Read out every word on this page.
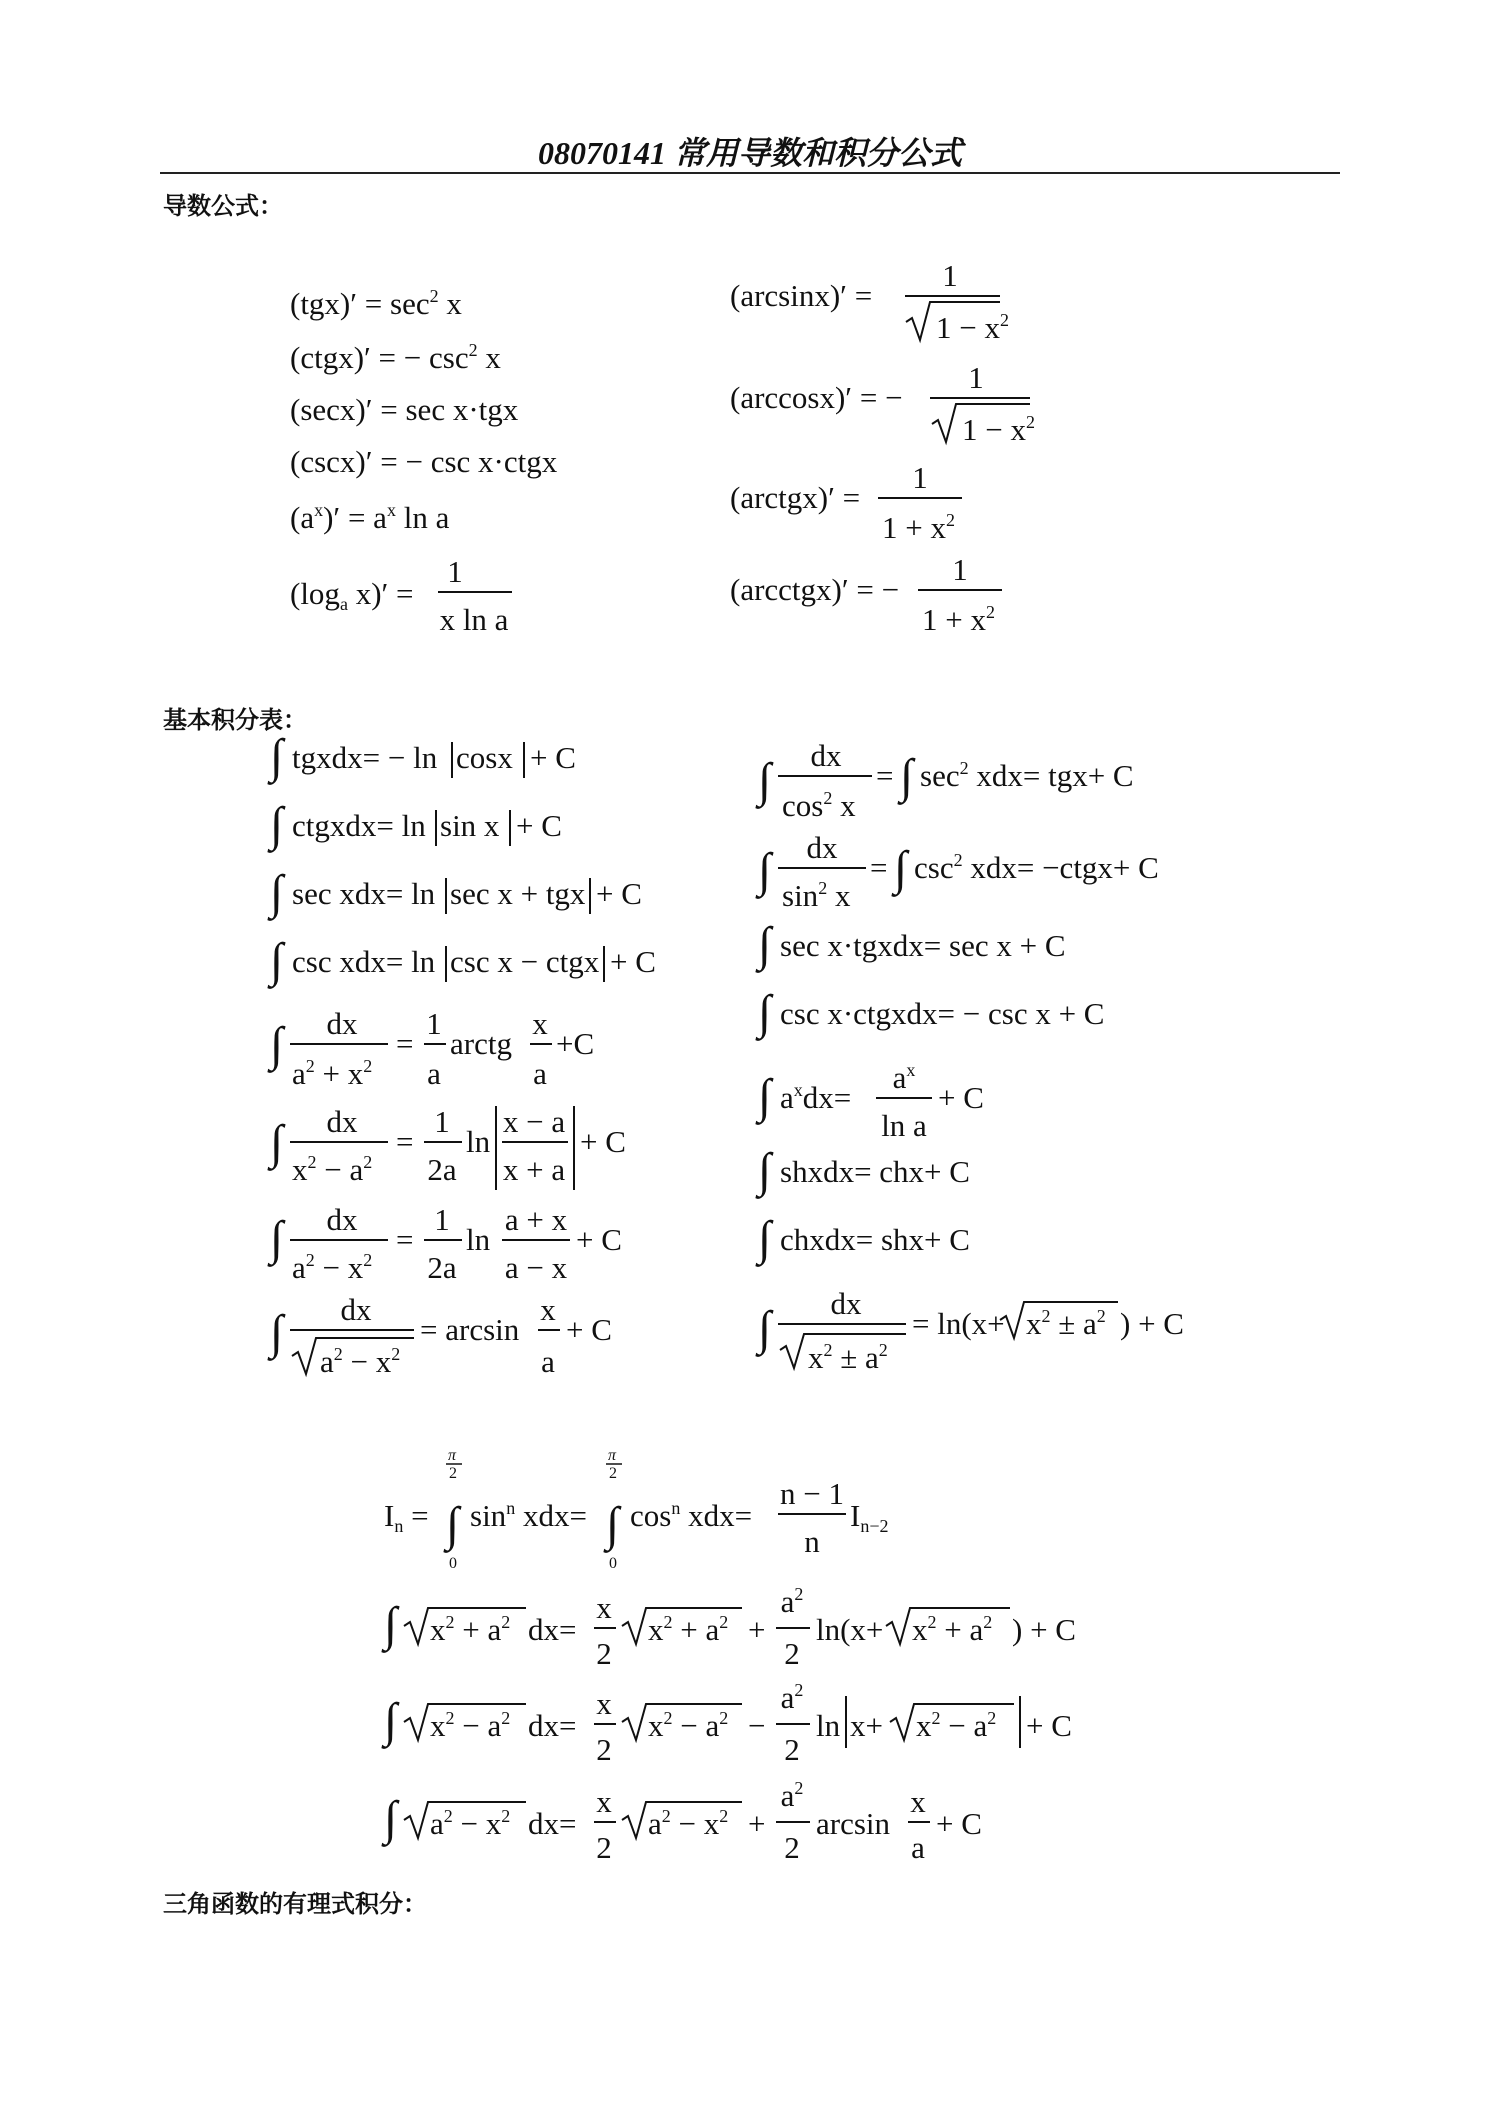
08070141 常用导数和积分公式
导数公式：
$(tgx)' = \sec^2 x$
(ctgx)′ = − $\csc^2 x$
(secx)′ = sec x·tgx
(cscx)′ = − csc x·ctgx
$(a^x)' = a^x$ ln a
(loga x)′ =
1
x ln a
(arcsinx)′ =
1
$1 - x^2$
(arccosx)′ = −
1
$1 - x^2$
(arctgx)′ =
1
$1 + x^2$
(arcctgx)′ = −
1
$1 + x^2$
∫ tgxdx= − ln cosx + C
∫ ctgxdx= ln sin x + C
∫ sec xdx= ln sec x + tgx + C
∫ csc xdx= ln csc x − ctgx + C
∫ dx
$a^2 + x^2$
=
1
a
arctg
x
a
+C
∫ dx
$x^2 - a^2$
=
1
2a
ln
x − a
x + a
+ C
∫ dx
$a^2 - x^2$
=
1
2a
ln
a + x
a − x
+ C
∫ dx
$a^2 - x^2$
= arcsin
x
a
+ C
∫ dx
$\cos^2 x$
= ∫ $\sec^2 xdx= tgx+ C$
∫ dx
$\sin^2 x$
= ∫ $\csc^2 xdx=$ −ctgx+ C
∫ sec x·tgxdx= sec x + C
∫ csc x·ctgxdx= − csc x + C
∫ $a^xdx=$
$a^x$
ln a
+ C
∫ shxdx= chx+ C
∫ chxdx= shx+ C
∫ dx
$x^2 \pm a^2$
= $\ln(x+ x^2 \pm a^2$ ) + C
In =
π
2
∫
0
$\sin^n xdx=$
π
2
∫
0
$\cos^n xdx=$
n − 1
n
In−2
∫ $x^2 + a^2$ dx=
x
2
$x^2 + a^2$ +
$a^2$
2
$\ln(x+ x^2 + a^2$ ) + C
∫ $x^2 - a^2$ dx=
x
2
$x^2 - a^2$ −
$a^2$
2
$\ln x+ x^2 - a^2 + C$
∫ $a^2 - x^2$ dx=
x
2
$a^2 - x^2$ +
$a^2$
2
arcsin
x
a
+ C
基本积分表：
三角函数的有理式积分：
